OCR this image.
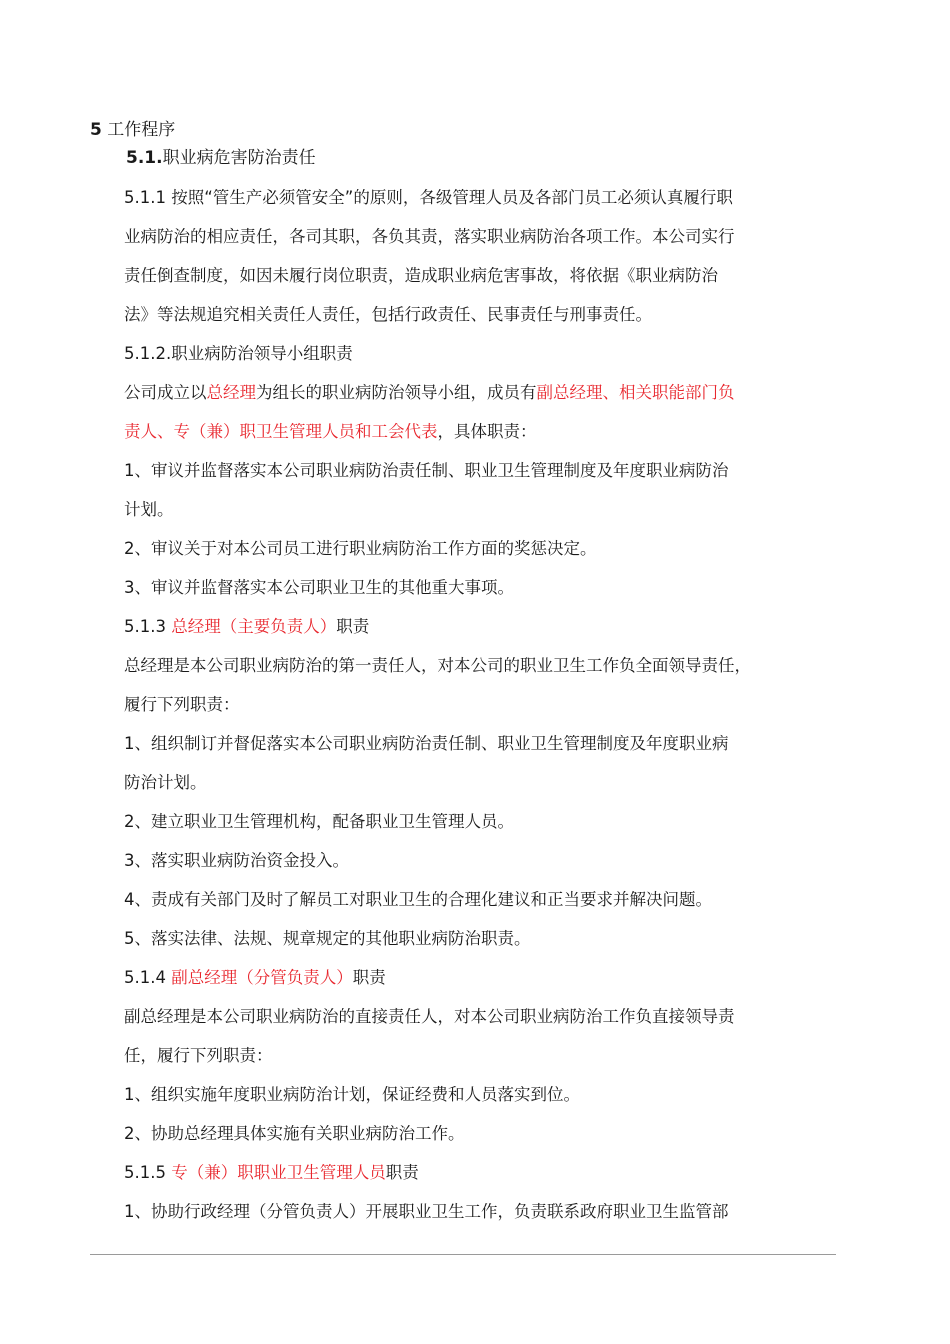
5 工作程序
5.1.职业病危害防治责任
5.1.1 按照“管生产必须管安全”的原则，各级管理人员及各部门员工必须认真履行职
业病防治的相应责任，各司其职，各负其责，落实职业病防治各项工作。本公司实行
责任倒查制度，如因未履行岗位职责，造成职业病危害事故，将依据《职业病防治
法》等法规追究相关责任人责任，包括行政责任、民事责任与刑事责任。
5.1.2.职业病防治领导小组职责
公司成立以总经理为组长的职业病防治领导小组，成员有副总经理、相关职能部门负
责人、专（兼）职卫生管理人员和工会代表，具体职责：
1、审议并监督落实本公司职业病防治责任制、职业卫生管理制度及年度职业病防治
计划。
2、审议关于对本公司员工进行职业病防治工作方面的奖惩决定。
3、审议并监督落实本公司职业卫生的其他重大事项。
5.1.3 总经理（主要负责人）职责
总经理是本公司职业病防治的第一责任人，对本公司的职业卫生工作负全面领导责任，
履行下列职责：
1、组织制订并督促落实本公司职业病防治责任制、职业卫生管理制度及年度职业病
防治计划。
2、建立职业卫生管理机构，配备职业卫生管理人员。
3、落实职业病防治资金投入。
4、责成有关部门及时了解员工对职业卫生的合理化建议和正当要求并解决问题。
5、落实法律、法规、规章规定的其他职业病防治职责。
5.1.4 副总经理（分管负责人）职责
副总经理是本公司职业病防治的直接责任人，对本公司职业病防治工作负直接领导责
任，履行下列职责：
1、组织实施年度职业病防治计划，保证经费和人员落实到位。
2、协助总经理具体实施有关职业病防治工作。
5.1.5 专（兼）职职业卫生管理人员职责
1、协助行政经理（分管负责人）开展职业卫生工作，负责联系政府职业卫生监管部
